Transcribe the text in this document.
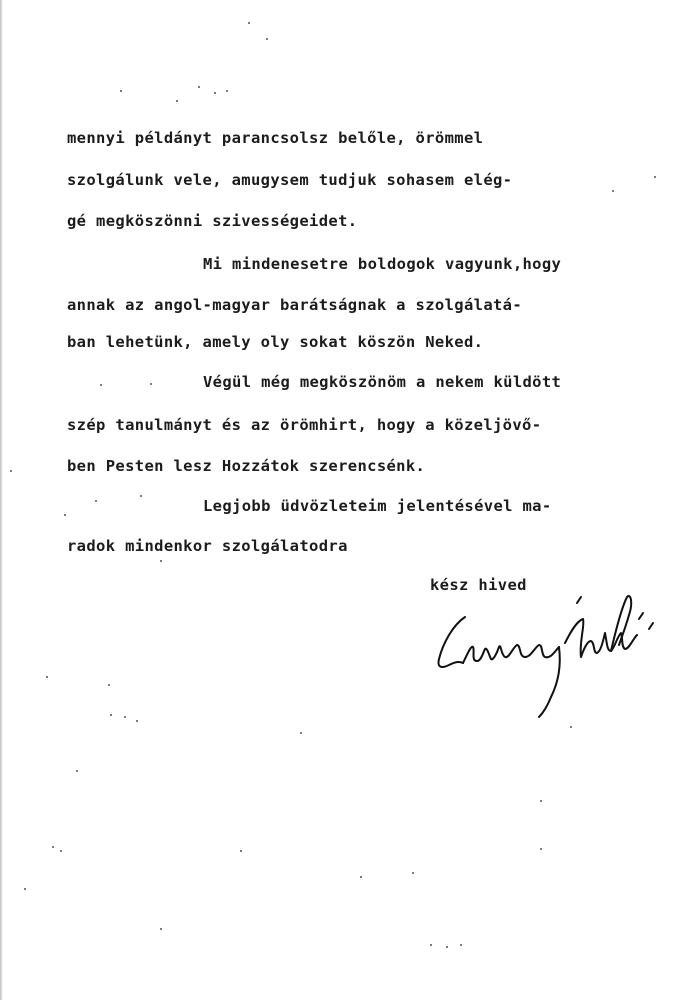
mennyi példányt parancsolsz belőle, örömmel
szolgálunk vele, amugysem tudjuk sohasem elég-
gé megköszönni szivességeidet.
Mi mindenesetre boldogok vagyunk,hogy
annak az angol-magyar barátságnak a szolgálatá-
ban lehetünk, amely oly sokat köszön Neked.
Végül még megköszönöm a nekem küldött
szép tanulmányt és az örömhirt, hogy a közeljövő-
ben Pesten lesz Hozzátok szerencsénk.
Legjobb üdvözleteim jelentésével ma-
radok mindenkor szolgálatodra
kész hived
